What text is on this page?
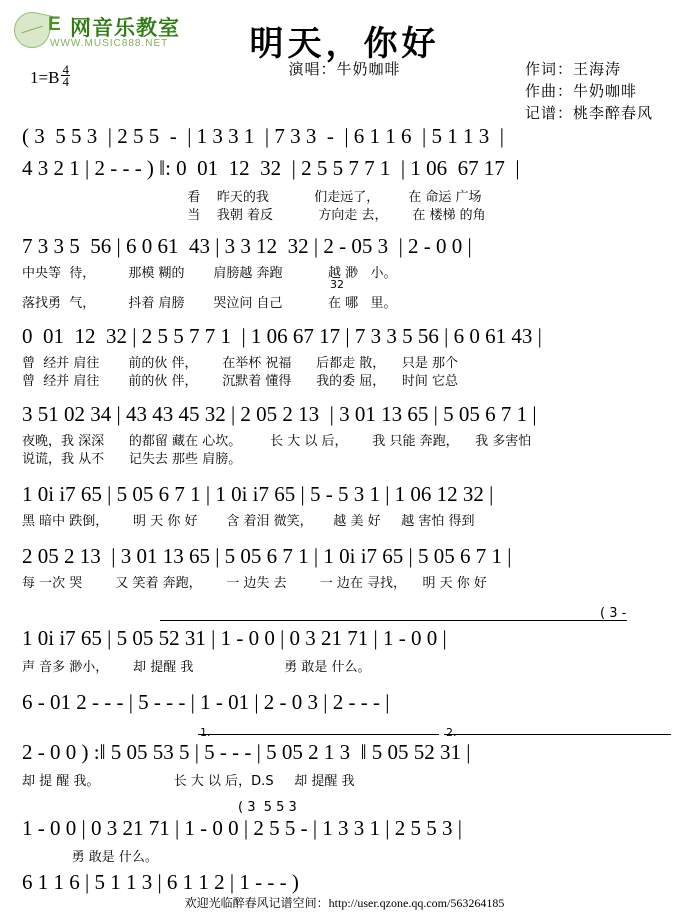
E 网音乐教室
WWW.MUSIC888.NET	明天，你好
演唱：牛奶咖啡	作词：王海涛
作曲：牛奶咖啡
记谱：桃李醉春风
$1=B \frac{4}{4}$
( 3  5 5 3  | 2 5 5  -  | 1 3 3 1  | 7 3 3  -  | 6 1 1 6  | 5 1 1 3  |
4 3 2 1 | 2 - - - ) ‖: 0  01  12  32  | 2 5 5 7 7 1  | 1 06  67 17  |
看    昨天的我           们走远了，       在 命运 广场
当    我朝 着反           方向走 去，      在 楼梯 的角
7 3 3 5  56 | 6 0 61  43 | 3 3 12  32 | 2 - 05 3  | 2 - 0 0 |
中央等  待，        那模 糊的       肩膀越 奔跑           越 渺   小。
32
落找勇  气，        抖着 肩膀       哭泣问 自己           在 哪   里。
0  01  12  32 | 2 5 5 7 7 1  | 1 06 67 17 | 7 3 3 5 56 | 6 0 61 43 |
曾  经并 肩往       前的伙 伴，      在举杯 祝福      后都走 散，    只是 那个
曾  经并 肩往       前的伙 伴，      沉默着 懂得      我的委 屈，    时间 它总
3 51 02 34 | 43 43 45 32 | 2 05 2 13  | 3 01 13 65 | 5 05 6 7 1 |
夜晚，我 深深      的都留 藏在 心坎。       长 大 以 后，      我 只能 奔跑，    我 多害怕
说谎，我 从不      记失去 那些 肩膀。
1 0i i7 65 | 5 05 6 7 1 | 1 0i i7 65 | 5 - 5 3 1 | 1 06 12 32 |
黑 暗中 跌倒，      明 天 你 好       含 着泪 微笑，     越 美 好     越 害怕 得到
2 05 2 13  | 3 01 13 65 | 5 05 6 7 1 | 1 0i i7 65 | 5 05 6 7 1 |
每 一次 哭        又 笑着 奔跑，      一 边失 去        一 边在 寻找，    明 天 你 好
( 3 -
1 0i i7 65 | 5 05 52 31 | 1 - 0 0 | 0 3 21 71 | 1 - 0 0 |
声 音多 渺小，      却 提醒 我                      勇 敢是 什么。
6 - 01 2 - - - | 5 - - - | 1 - 01 | 2 - 0 3 | 2 - - - |
1.	2.
2 - 0 0 ) :‖ 5 05 53 5 | 5 - - - | 5 05 2 1 3  ‖ 5 05 52 31 |
却 提 醒 我。                  长 大 以 后，D.S     却 提醒 我
( 3  5 5 3
1 - 0 0 | 0 3 21 71 | 1 - 0 0 | 2 5 5 - | 1 3 3 1 | 2 5 5 3 |
勇 敢是 什么。
6 1 1 6 | 5 1 1 3 | 6 1 1 2 | 1 - - - )
欢迎光临醉春风记谱空间：http://user.qzone.qq.com/563264185
